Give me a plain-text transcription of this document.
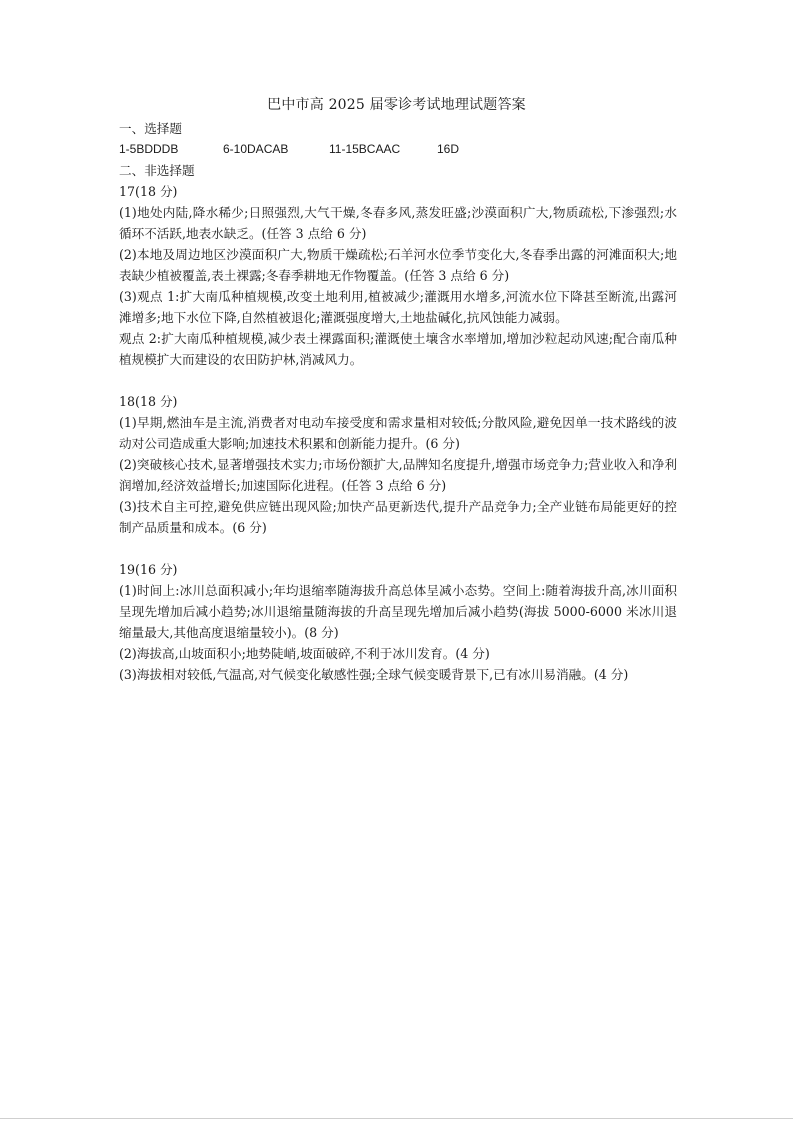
巴中市高 2025 届零诊考试地理试题答案
一、选择题
1-5BDDDB	6-10DACAB	11-15BCAAC	16D
二、非选择题
17(18 分)
(1)地处内陆,降水稀少;日照强烈,大气干燥,冬春多风,蒸发旺盛;沙漠面积广大,物质疏松,下渗强烈;水循环不活跃,地表水缺乏。(任答 3 点给 6 分)
(2)本地及周边地区沙漠面积广大,物质干燥疏松;石羊河水位季节变化大,冬春季出露的河滩面积大;地表缺少植被覆盖,表土裸露;冬春季耕地无作物覆盖。(任答 3 点给 6 分)
(3)观点 1:扩大南瓜种植规模,改变土地利用,植被减少;灌溉用水增多,河流水位下降甚至断流,出露河滩增多;地下水位下降,自然植被退化;灌溉强度增大,土地盐碱化,抗风蚀能力减弱。
观点 2:扩大南瓜种植规模,减少表土裸露面积;灌溉使土壤含水率增加,增加沙粒起动风速;配合南瓜种植规模扩大而建设的农田防护林,消减风力。
18(18 分)
(1)早期,燃油车是主流,消费者对电动车接受度和需求量相对较低;分散风险,避免因单一技术路线的波动对公司造成重大影响;加速技术积累和创新能力提升。(6 分)
(2)突破核心技术,显著增强技术实力;市场份额扩大,品牌知名度提升,增强市场竞争力;营业收入和净利润增加,经济效益增长;加速国际化进程。(任答 3 点给 6 分)
(3)技术自主可控,避免供应链出现风险;加快产品更新迭代,提升产品竞争力;全产业链布局能更好的控制产品质量和成本。(6 分)
19(16 分)
(1)时间上:冰川总面积减小;年均退缩率随海拔升高总体呈减小态势。空间上:随着海拔升高,冰川面积呈现先增加后减小趋势;冰川退缩量随海拔的升高呈现先增加后减小趋势(海拔 5000-6000 米冰川退缩量最大,其他高度退缩量较小)。(8 分)
(2)海拔高,山坡面积小;地势陡峭,坡面破碎,不利于冰川发育。(4 分)
(3)海拔相对较低,气温高,对气候变化敏感性强;全球气候变暖背景下,已有冰川易消融。(4 分)
